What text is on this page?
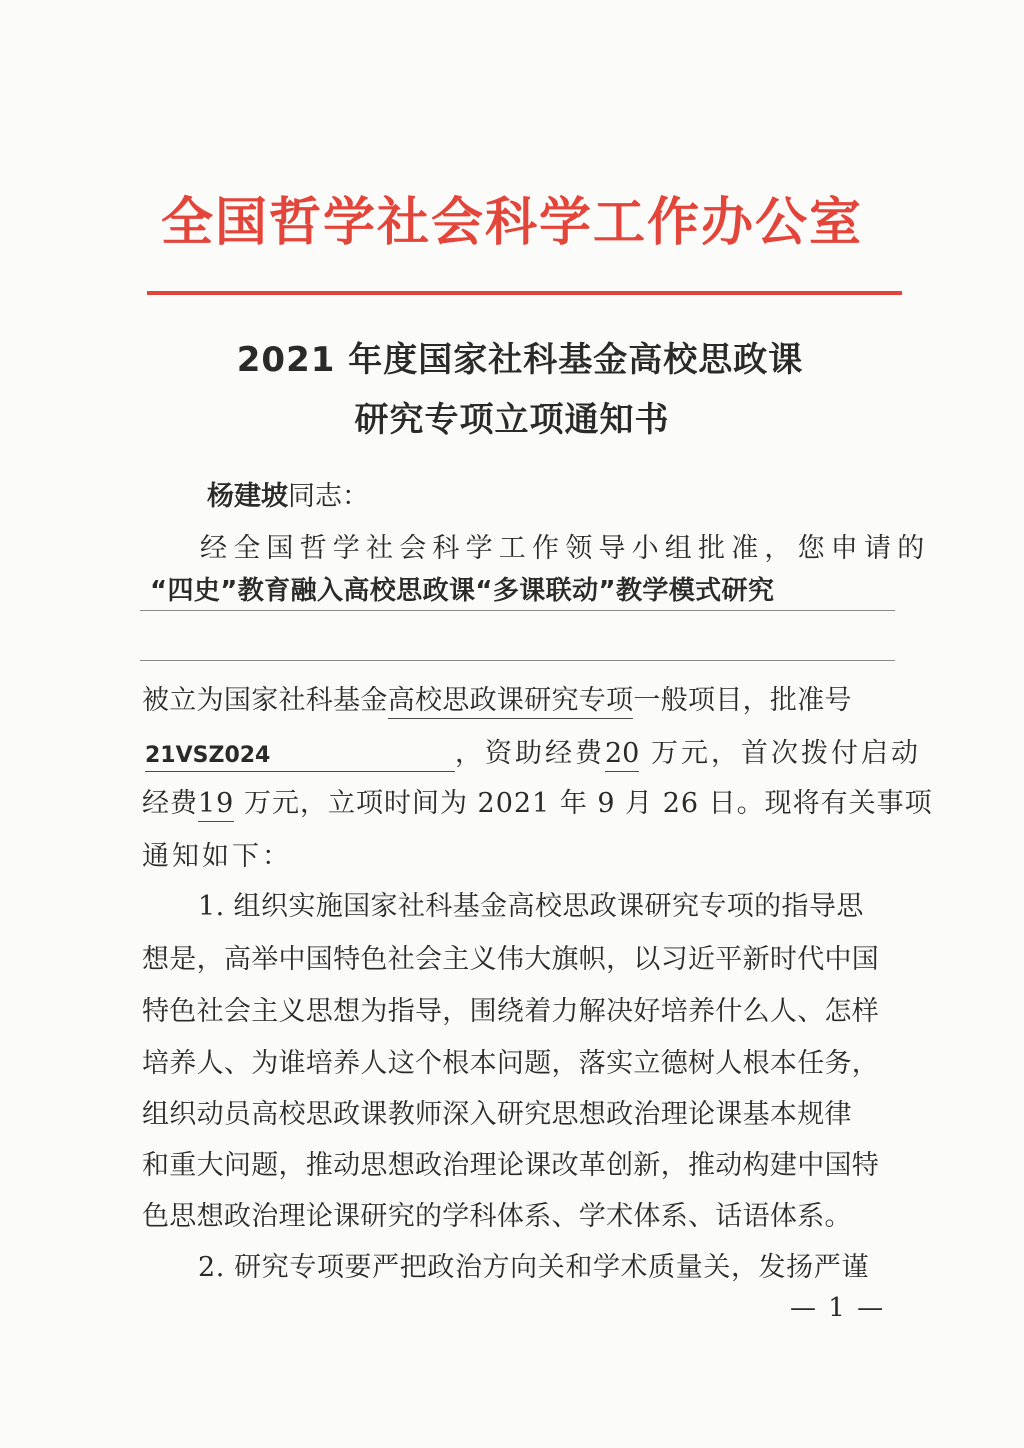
全国哲学社会科学工作办公室
2021 年度国家社科基金高校思政课
研究专项立项通知书
杨建坡同志：
经全国哲学社会科学工作领导小组批准，您申请的
“四史”教育融入高校思政课“多课联动”教学模式研究
被立为国家社科基金高校思政课研究专项一般项目，批准号
21VSZ024	，资助经费20 万元，首次拨付启动
经费19 万元，立项时间为 2021 年 9 月 26 日。现将有关事项
通知如下：
1. 组织实施国家社科基金高校思政课研究专项的指导思
想是，高举中国特色社会主义伟大旗帜，以习近平新时代中国
特色社会主义思想为指导，围绕着力解决好培养什么人、怎样
培养人、为谁培养人这个根本问题，落实立德树人根本任务，
组织动员高校思政课教师深入研究思想政治理论课基本规律
和重大问题，推动思想政治理论课改革创新，推动构建中国特
色思想政治理论课研究的学科体系、学术体系、话语体系。
2. 研究专项要严把政治方向关和学术质量关，发扬严谨
— 1 —
